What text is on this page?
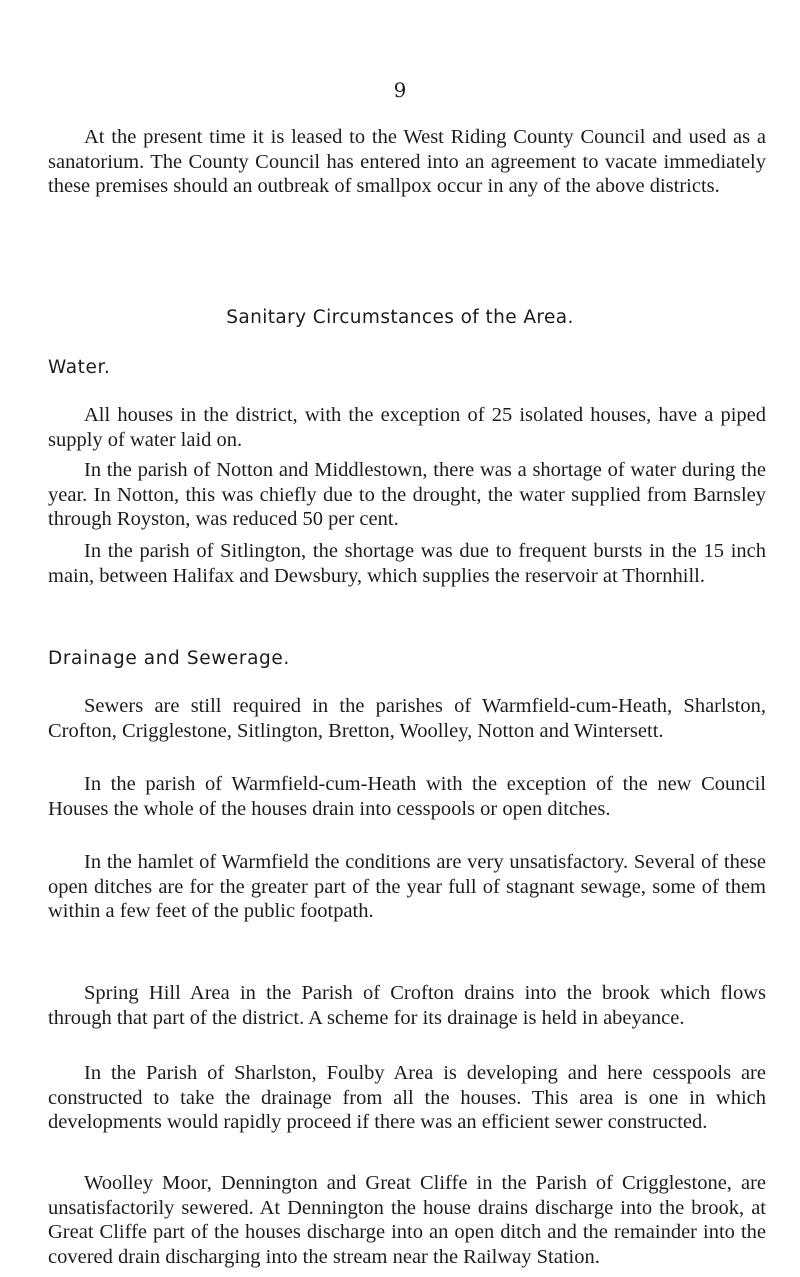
9

At the present time it is leased to the West Riding County Council and used as a sanatorium. The County Council has entered into an agreement to vacate immediately these premises should an outbreak of smallpox occur in any of the above districts.

Sanitary Circumstances of the Area.
Water.

All houses in the district, with the exception of 25 isolated houses, have a piped supply of water laid on.

In the parish of Notton and Middlestown, there was a shortage of water during the year. In Notton, this was chiefly due to the drought, the water supplied from Barnsley through Royston, was reduced 50 per cent.

In the parish of Sitlington, the shortage was due to frequent bursts in the 15 inch main, between Halifax and Dewsbury, which supplies the reservoir at Thornhill.

Drainage and Sewerage.

Sewers are still required in the parishes of Warmfield-cum-Heath, Sharlston, Crofton, Crigglestone, Sitlington, Bretton, Woolley, Notton and Wintersett.

In the parish of Warmfield-cum-Heath with the exception of the new Council Houses the whole of the houses drain into cesspools or open ditches.

In the hamlet of Warmfield the conditions are very unsatisfactory. Several of these open ditches are for the greater part of the year full of stagnant sewage, some of them within a few feet of the public footpath.

Spring Hill Area in the Parish of Crofton drains into the brook which flows through that part of the district. A scheme for its drainage is held in abeyance.

In the Parish of Sharlston, Foulby Area is developing and here cesspools are constructed to take the drainage from all the houses. This area is one in which developments would rapidly proceed if there was an efficient sewer constructed.

Woolley Moor, Dennington and Great Cliffe in the Parish of Crigglestone, are unsatisfactorily sewered. At Dennington the house drains discharge into the brook, at Great Cliffe part of the houses discharge into an open ditch and the remainder into the covered drain discharging into the stream near the Railway Station.
